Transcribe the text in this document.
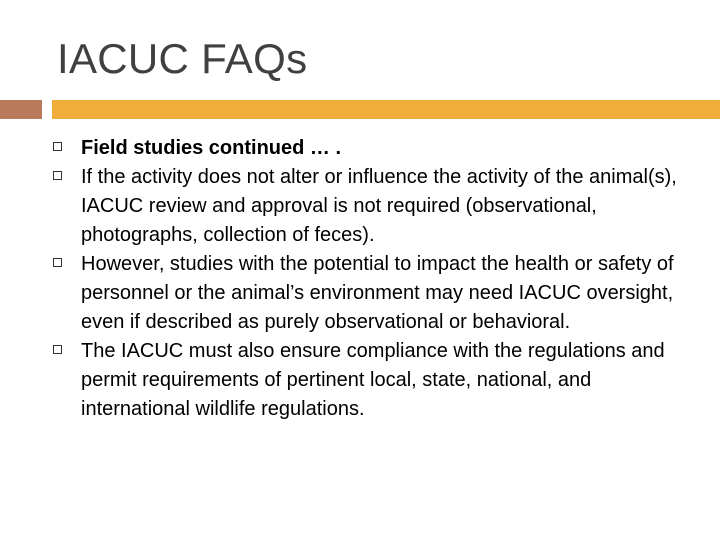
IACUC FAQs
Field studies continued … .
If the activity does not alter or influence the activity of the animal(s), IACUC review and approval is not required (observational, photographs, collection of feces).
However, studies with the potential to impact the health or safety of personnel or the animal’s environment may need IACUC oversight, even if described as purely observational or behavioral.
The IACUC must also ensure compliance with the regulations and permit requirements of pertinent local, state, national, and international wildlife regulations.
